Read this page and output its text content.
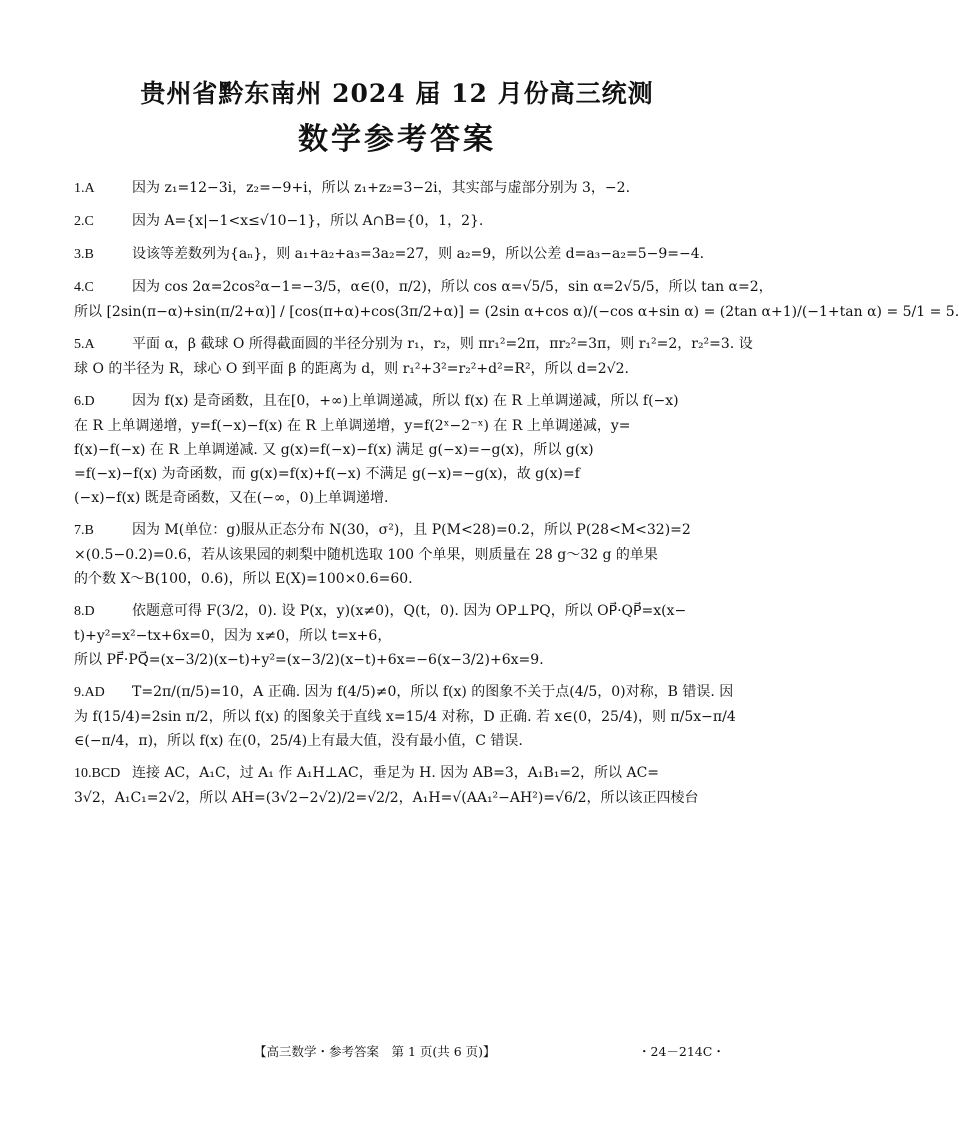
贵州省黔东南州 2024 届 12 月份高三统测
数学参考答案
1.A	因为 z₁=12−3i，z₂=−9+i，所以 z₁+z₂=3−2i，其实部与虚部分别为 3，−2.
2.C	因为 A={x|−1<x≤√10−1}，所以 A∩B={0，1，2}.
3.B	设该等差数列为{aₙ}，则 a₁+a₂+a₃=3a₂=27，则 a₂=9，所以公差 d=a₃−a₂=5−9=−4.
4.C	因为 cos 2α=2cos²α−1=−3/5，α∈(0，π/2)，所以 cos α=√5/5，sin α=2√5/5，所以 tan α=2，
所以 [2sin(π−α)+sin(π/2+α)] / [cos(π+α)+cos(3π/2+α)] = (2sin α+cos α)/(−cos α+sin α) = (2tan α+1)/(−1+tan α) = 5/1 = 5.
5.A	平面 α，β 截球 O 所得截面圆的半径分别为 r₁，r₂，则 πr₁²=2π，πr₂²=3π，则 r₁²=2，r₂²=3. 设
球 O 的半径为 R，球心 O 到平面 β 的距离为 d，则 r₁²+3²=r₂²+d²=R²，所以 d=2√2.
6.D	因为 f(x) 是奇函数，且在[0，+∞)上单调递减，所以 f(x) 在 R 上单调递减，所以 f(−x)
在 R 上单调递增，y=f(−x)−f(x) 在 R 上单调递增，y=f(2ˣ−2⁻ˣ) 在 R 上单调递减，y=
f(x)−f(−x) 在 R 上单调递减. 又 g(x)=f(−x)−f(x) 满足 g(−x)=−g(x)，所以 g(x)
=f(−x)−f(x) 为奇函数，而 g(x)=f(x)+f(−x) 不满足 g(−x)=−g(x)，故 g(x)=f
(−x)−f(x) 既是奇函数，又在(−∞，0)上单调递增.
7.B	因为 M(单位：g)服从正态分布 N(30，σ²)，且 P(M<28)=0.2，所以 P(28<M<32)=2
×(0.5−0.2)=0.6，若从该果园的刺梨中随机选取 100 个单果，则质量在 28 g～32 g 的单果
的个数 X～B(100，0.6)，所以 E(X)=100×0.6=60.
8.D	依题意可得 F(3/2，0). 设 P(x，y)(x≠0)，Q(t，0). 因为 OP⊥PQ，所以 OP⃗·QP⃗=x(x−
t)+y²=x²−tx+6x=0，因为 x≠0，所以 t=x+6，
所以 PF⃗·PQ⃗=(x−3/2)(x−t)+y²=(x−3/2)(x−t)+6x=−6(x−3/2)+6x=9.
9.AD T=2π/(π/5)=10，A 正确. 因为 f(4/5)≠0，所以 f(x) 的图象不关于点(4/5，0)对称，B 错误. 因
为 f(15/4)=2sin π/2，所以 f(x) 的图象关于直线 x=15/4 对称，D 正确. 若 x∈(0，25/4)，则 π/5x−π/4
∈(−π/4，π)，所以 f(x) 在(0，25/4)上有最大值，没有最小值，C 错误.
10.BCD 连接 AC，A₁C，过 A₁ 作 A₁H⊥AC，垂足为 H. 因为 AB=3，A₁B₁=2，所以 AC=
3√2，A₁C₁=2√2，所以 AH=(3√2−2√2)/2=√2/2，A₁H=√(AA₁²−AH²)=√6/2，所以该正四棱台
【高三数学・参考答案　第 1 页(共 6 页)】	・24－214C・
